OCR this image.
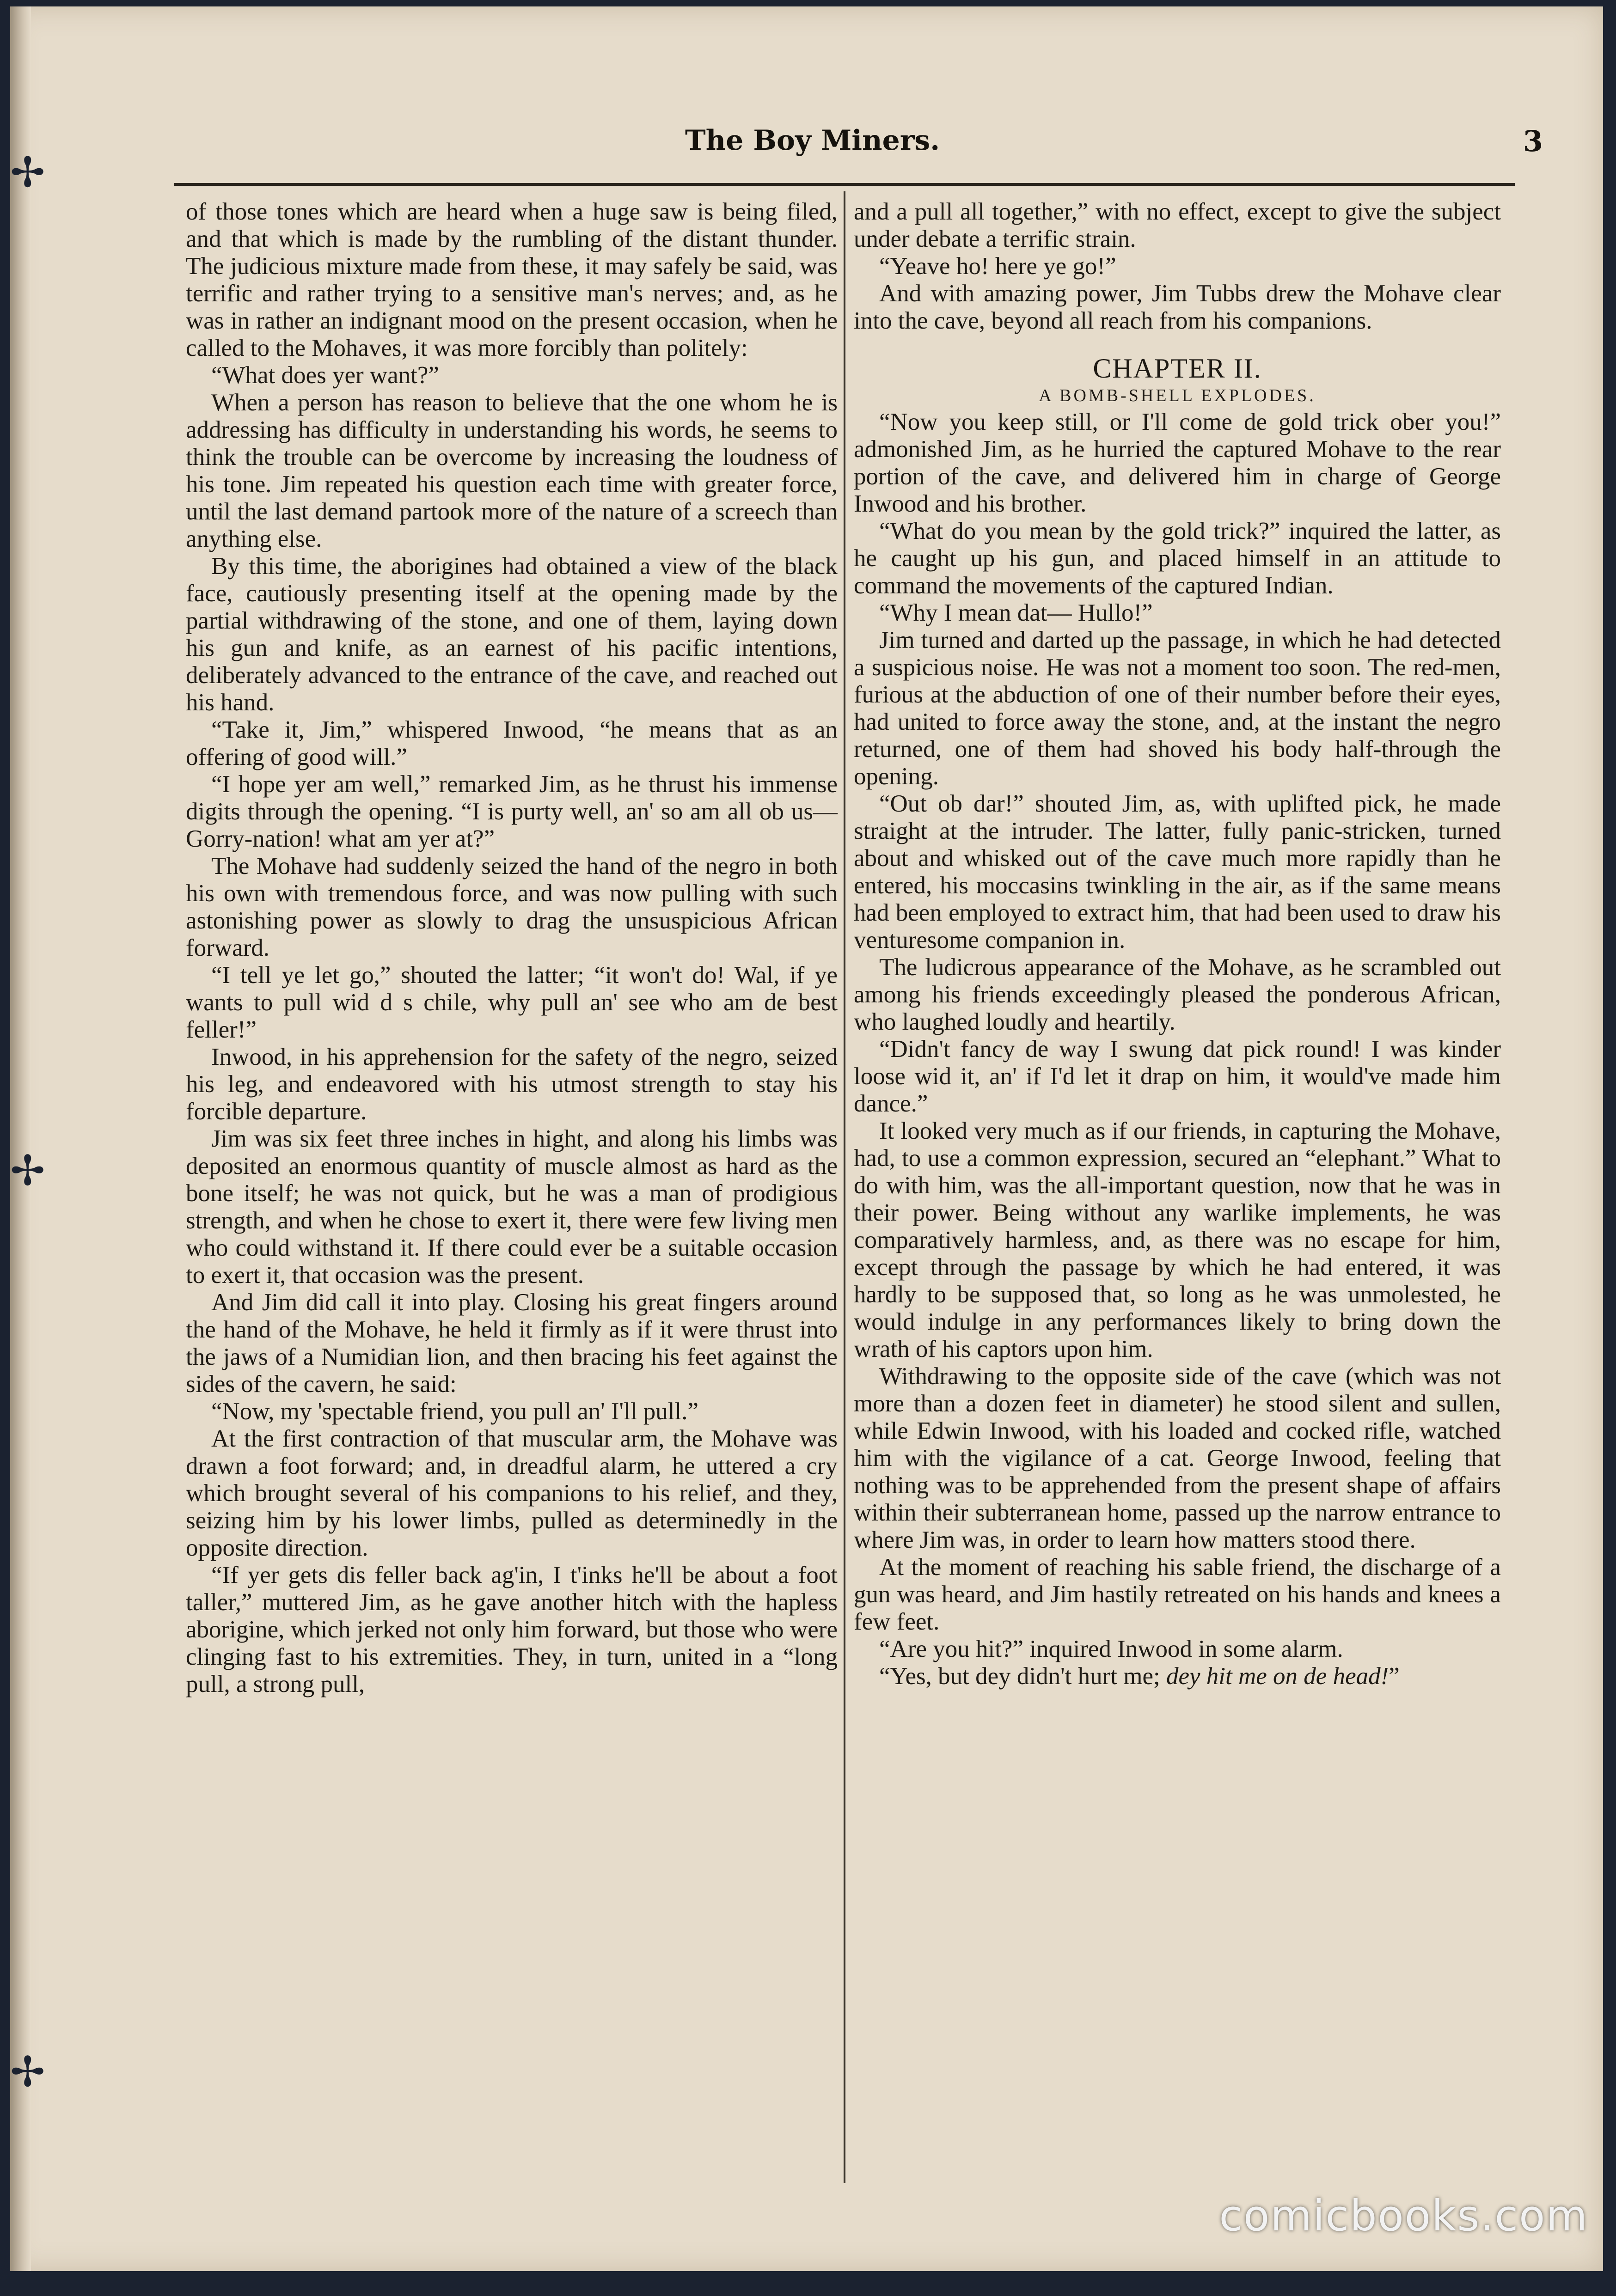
✢
✢
✢
The Boy Miners.	3

of those tones which are heard when a huge saw is being filed, and that which is made by the rumbling of the distant thunder. The judicious mixture made from these, it may safely be said, was terrific and rather trying to a sensitive man's nerves; and, as he was in rather an indignant mood on the present occasion, when he called to the Mohaves, it was more forcibly than politely:

“What does yer want?”

When a person has reason to believe that the one whom he is addressing has difficulty in understanding his words, he seems to think the trouble can be overcome by increasing the loudness of his tone. Jim repeated his question each time with greater force, until the last demand partook more of the nature of a screech than anything else.

By this time, the aborigines had obtained a view of the black face, cautiously presenting itself at the opening made by the partial withdrawing of the stone, and one of them, laying down his gun and knife, as an earnest of his pacific intentions, deliberately advanced to the entrance of the cave, and reached out his hand.

“Take it, Jim,” whispered Inwood, “he means that as an offering of good will.”

“I hope yer am well,” remarked Jim, as he thrust his immense digits through the opening. “I is purty well, an' so am all ob us— Gorry-nation! what am yer at?”

The Mohave had suddenly seized the hand of the negro in both his own with tremendous force, and was now pulling with such astonishing power as slowly to drag the unsuspicious African forward.

“I tell ye let go,” shouted the latter; “it won't do! Wal, if ye wants to pull wid d s chile, why pull an' see who am de best feller!”

Inwood, in his apprehension for the safety of the negro, seized his leg, and endeavored with his utmost strength to stay his forcible departure.

Jim was six feet three inches in hight, and along his limbs was deposited an enormous quantity of muscle almost as hard as the bone itself; he was not quick, but he was a man of prodigious strength, and when he chose to exert it, there were few living men who could withstand it. If there could ever be a suitable occasion to exert it, that occasion was the present.

And Jim did call it into play. Closing his great fingers around the hand of the Mohave, he held it firmly as if it were thrust into the jaws of a Numidian lion, and then bracing his feet against the sides of the cavern, he said:

“Now, my 'spectable friend, you pull an' I'll pull.”

At the first contraction of that muscular arm, the Mohave was drawn a foot forward; and, in dreadful alarm, he uttered a cry which brought several of his companions to his relief, and they, seizing him by his lower limbs, pulled as determinedly in the opposite direction.

“If yer gets dis feller back ag'in, I t'inks he'll be about a foot taller,” muttered Jim, as he gave another hitch with the hapless aborigine, which jerked not only him forward, but those who were clinging fast to his extremities. They, in turn, united in a “long pull, a strong pull,

and a pull all together,” with no effect, except to give the subject under debate a terrific strain.

“Yeave ho! here ye go!”

And with amazing power, Jim Tubbs drew the Mohave clear into the cave, beyond all reach from his companions.

CHAPTER II.
A BOMB-SHELL EXPLODES.

“Now you keep still, or I'll come de gold trick ober you!” admonished Jim, as he hurried the captured Mohave to the rear portion of the cave, and delivered him in charge of George Inwood and his brother.

“What do you mean by the gold trick?” inquired the latter, as he caught up his gun, and placed himself in an attitude to command the movements of the captured Indian.

“Why I mean dat— Hullo!”

Jim turned and darted up the passage, in which he had detected a suspicious noise. He was not a moment too soon. The red-men, furious at the abduction of one of their number before their eyes, had united to force away the stone, and, at the instant the negro returned, one of them had shoved his body half-through the opening.

“Out ob dar!” shouted Jim, as, with uplifted pick, he made straight at the intruder. The latter, fully panic-stricken, turned about and whisked out of the cave much more rapidly than he entered, his moccasins twinkling in the air, as if the same means had been employed to extract him, that had been used to draw his venturesome companion in.

The ludicrous appearance of the Mohave, as he scrambled out among his friends exceedingly pleased the ponderous African, who laughed loudly and heartily.

“Didn't fancy de way I swung dat pick round! I was kinder loose wid it, an' if I'd let it drap on him, it would've made him dance.”

It looked very much as if our friends, in capturing the Mohave, had, to use a common expression, secured an “elephant.” What to do with him, was the all-important question, now that he was in their power. Being without any warlike implements, he was comparatively harmless, and, as there was no escape for him, except through the passage by which he had entered, it was hardly to be supposed that, so long as he was unmolested, he would indulge in any performances likely to bring down the wrath of his captors upon him.

Withdrawing to the opposite side of the cave (which was not more than a dozen feet in diameter) he stood silent and sullen, while Edwin Inwood, with his loaded and cocked rifle, watched him with the vigilance of a cat. George Inwood, feeling that nothing was to be apprehended from the present shape of affairs within their subterranean home, passed up the narrow entrance to where Jim was, in order to learn how matters stood there.

At the moment of reaching his sable friend, the discharge of a gun was heard, and Jim hastily retreated on his hands and knees a few feet.

“Are you hit?” inquired Inwood in some alarm.

“Yes, but dey didn't hurt me; dey hit me on de head!”

comicbooks.com
